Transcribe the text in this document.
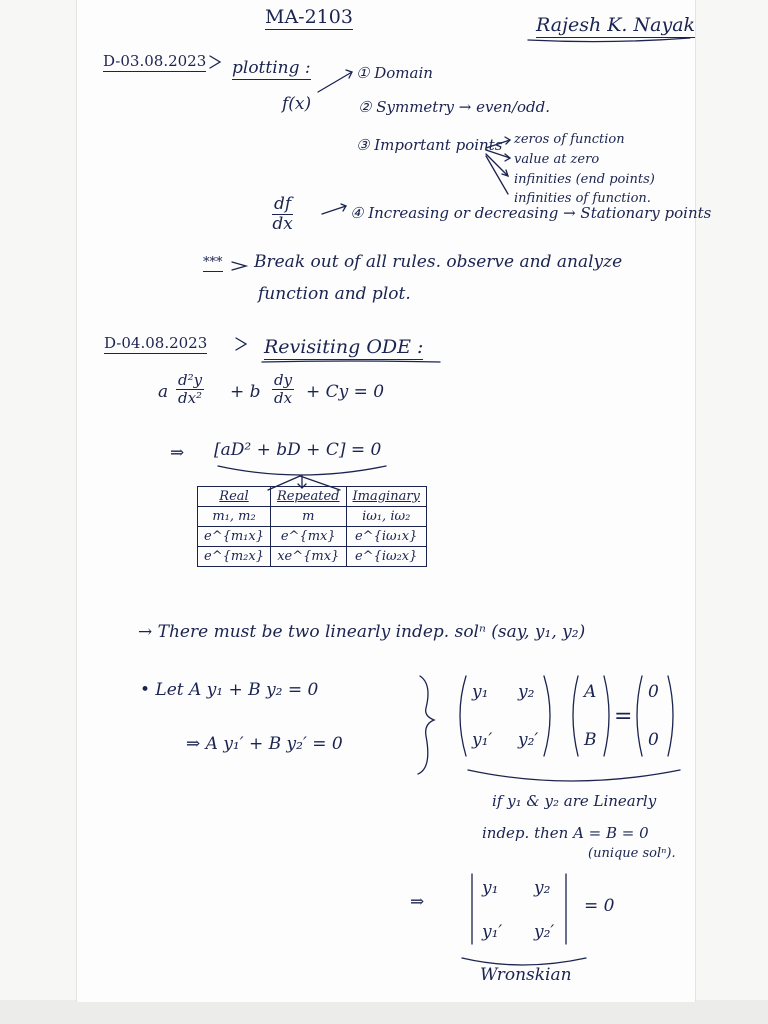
MA-2103	Rajesh K. Nayak
D-03.08.2023 plotting :
f(x)
① Domain
② Symmetry → even/odd.
③ Important points zeros of function
value at zero
infinities (end points)
infinities of function.
$\frac{df}{dx}$	④ Increasing or decreasing → Stationary points
*** Break out of all rules. observe and analyze
function and plot.
D-04.08.2023	Revisiting ODE :
a $\frac{\text{d²y}}{\text{dx²}} + b \frac{dy}{dx} + Cy = 0$
⇒ [aD² + bD + C] = 0
Real	Repeated	Imaginary
m₁, m₂	m	iω₁, iω₂
e^{m₁x}	e^{mx}	e^{iω₁x}
e^{m₂x}	xe^{mx}	e^{iω₂x}
→ There must be two linearly indep. solⁿ (say, y₁, y₂)
• Let A y₁ + B y₂ = 0
⇒ A y₁′ + B y₂′ = 0
y₁ y₂
y₁′ y₂′
A
B
=
0
0
if y₁ & y₂ are Linearly
indep. then A = B = 0
(unique solⁿ).
⇒
y₁ y₂
y₁′ y₂′
= 0
Wronskian
